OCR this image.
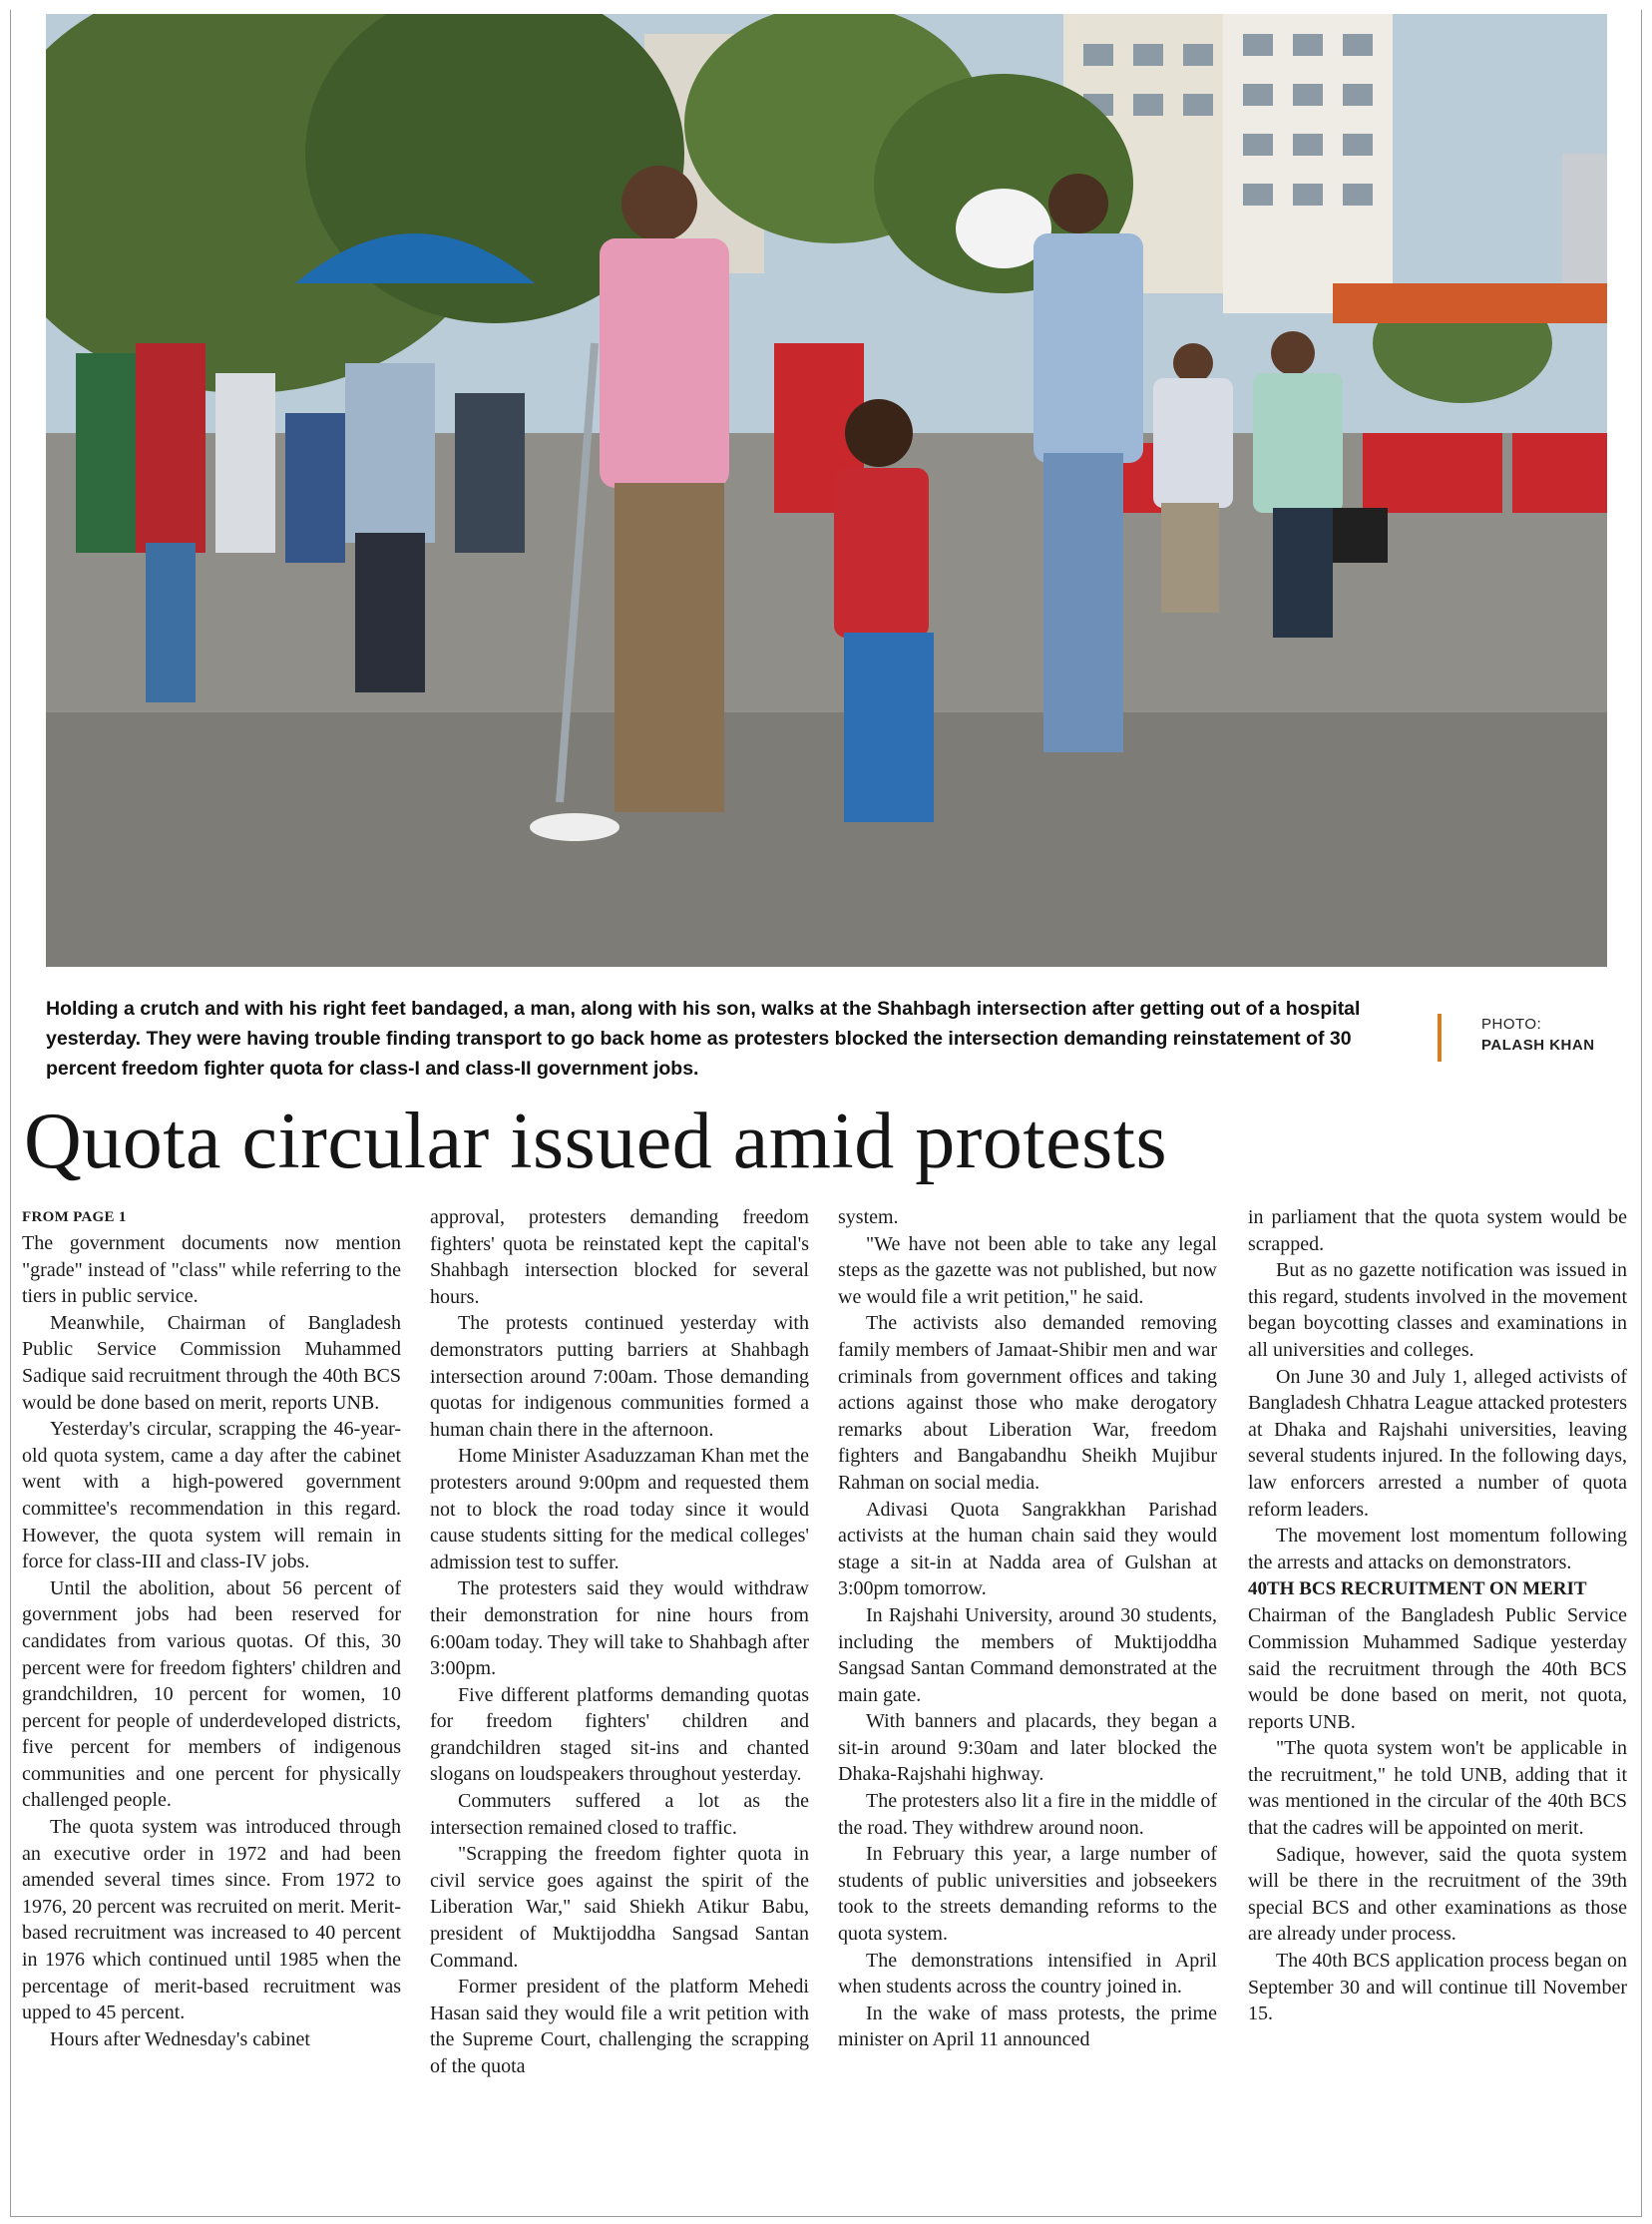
Holding a crutch and with his right feet bandaged, a man, along with his son, walks at the Shahbagh intersection after getting out of a hospital yesterday. They were having trouble finding transport to go back home as protesters blocked the intersection demanding reinstatement of 30 percent freedom fighter quota for class-I and class-II government jobs.
PHOTO:
PALASH KHAN
Quota circular issued amid protests
FROM PAGE 1

The government documents now mention "grade" instead of "class" while referring to the tiers in public service.

Meanwhile, Chairman of Bangladesh Public Service Commission Muhammed Sadique said recruitment through the 40th BCS would be done based on merit, reports UNB.

Yesterday's circular, scrapping the 46-year-old quota system, came a day after the cabinet went with a high-powered government committee's recommendation in this regard. However, the quota system will remain in force for class-III and class-IV jobs.

Until the abolition, about 56 percent of government jobs had been reserved for candidates from various quotas. Of this, 30 percent were for freedom fighters' children and grandchildren, 10 percent for women, 10 percent for people of underdeveloped districts, five percent for members of indigenous communities and one percent for physically challenged people.

The quota system was introduced through an executive order in 1972 and had been amended several times since. From 1972 to 1976, 20 percent was recruited on merit. Merit-based recruitment was increased to 40 percent in 1976 which continued until 1985 when the percentage of merit-based recruitment was upped to 45 percent.

Hours after Wednesday's cabinet

approval, protesters demanding freedom fighters' quota be reinstated kept the capital's Shahbagh intersection blocked for several hours.

The protests continued yesterday with demonstrators putting barriers at Shahbagh intersection around 7:00am. Those demanding quotas for indigenous communities formed a human chain there in the afternoon.

Home Minister Asaduzzaman Khan met the protesters around 9:00pm and requested them not to block the road today since it would cause students sitting for the medical colleges' admission test to suffer.

The protesters said they would withdraw their demonstration for nine hours from 6:00am today. They will take to Shahbagh after 3:00pm.

Five different platforms demanding quotas for freedom fighters' children and grandchildren staged sit-ins and chanted slogans on loudspeakers throughout yesterday.

Commuters suffered a lot as the intersection remained closed to traffic.

"Scrapping the freedom fighter quota in civil service goes against the spirit of the Liberation War," said Shiekh Atikur Babu, president of Muktijoddha Sangsad Santan Command.

Former president of the platform Mehedi Hasan said they would file a writ petition with the Supreme Court, challenging the scrapping of the quota

system.

"We have not been able to take any legal steps as the gazette was not published, but now we would file a writ petition," he said.

The activists also demanded removing family members of Jamaat-Shibir men and war criminals from government offices and taking actions against those who make derogatory remarks about Liberation War, freedom fighters and Bangabandhu Sheikh Mujibur Rahman on social media.

Adivasi Quota Sangrakkhan Parishad activists at the human chain said they would stage a sit-in at Nadda area of Gulshan at 3:00pm tomorrow.

In Rajshahi University, around 30 students, including the members of Muktijoddha Sangsad Santan Command demonstrated at the main gate.

With banners and placards, they began a sit-in around 9:30am and later blocked the Dhaka-Rajshahi highway.

The protesters also lit a fire in the middle of the road. They withdrew around noon.

In February this year, a large number of students of public universities and jobseekers took to the streets demanding reforms to the quota system.

The demonstrations intensified in April when students across the country joined in.

In the wake of mass protests, the prime minister on April 11 announced

in parliament that the quota system would be scrapped.

But as no gazette notification was issued in this regard, students involved in the movement began boycotting classes and examinations in all universities and colleges.

On June 30 and July 1, alleged activists of Bangladesh Chhatra League attacked protesters at Dhaka and Rajshahi universities, leaving several students injured. In the following days, law enforcers arrested a number of quota reform leaders.

The movement lost momentum following the arrests and attacks on demonstrators.

40TH BCS RECRUITMENT ON MERIT

Chairman of the Bangladesh Public Service Commission Muhammed Sadique yesterday said the recruitment through the 40th BCS would be done based on merit, not quota, reports UNB.

"The quota system won't be applicable in the recruitment," he told UNB, adding that it was mentioned in the circular of the 40th BCS that the cadres will be appointed on merit.

Sadique, however, said the quota system will be there in the recruitment of the 39th special BCS and other examinations as those are already under process.

The 40th BCS application process began on September 30 and will continue till November 15.
